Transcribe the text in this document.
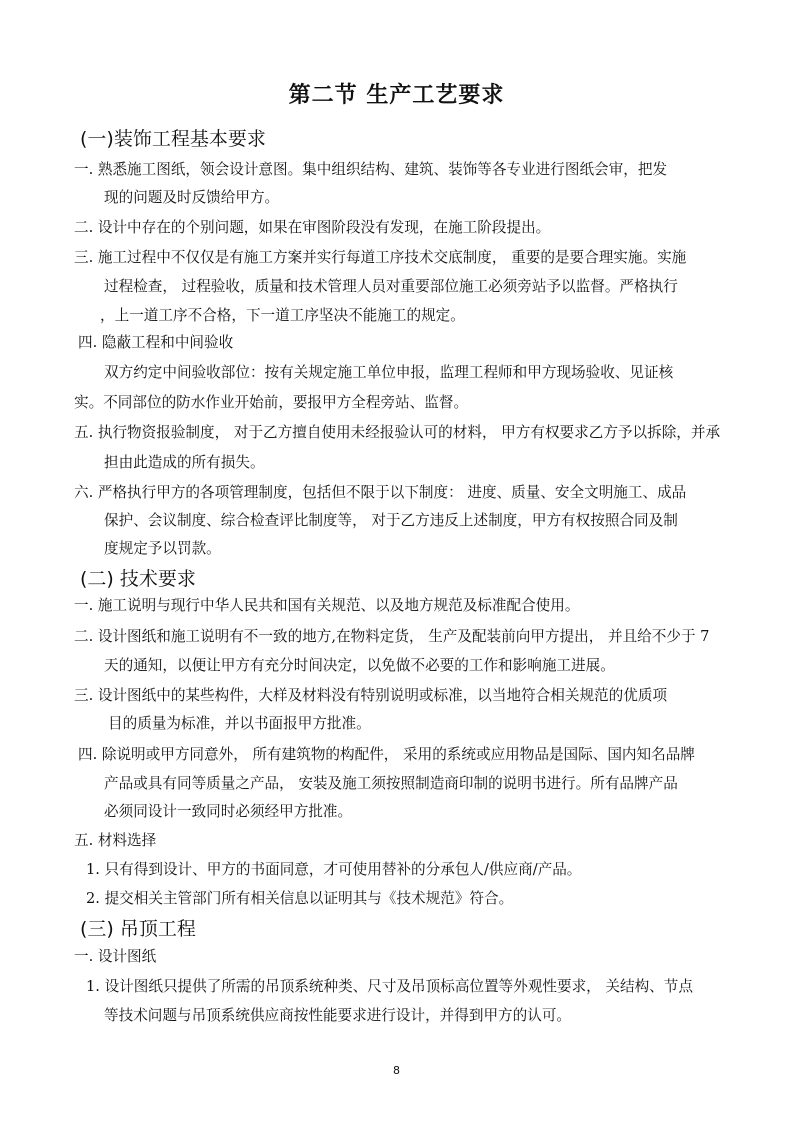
第二节 生产工艺要求
(一)装饰工程基本要求
一. 熟悉施工图纸，领会设计意图。集中组织结构、建筑、装饰等各专业进行图纸会审，把发
现的问题及时反馈给甲方。
二. 设计中存在的个别问题，如果在审图阶段没有发现，在施工阶段提出。
三. 施工过程中不仅仅是有施工方案并实行每道工序技术交底制度， 重要的是要合理实施。实施
过程检查， 过程验收，质量和技术管理人员对重要部位施工必须旁站予以监督。严格执行
，上一道工序不合格，下一道工序坚决不能施工的规定。
四. 隐蔽工程和中间验收
双方约定中间验收部位：按有关规定施工单位申报，监理工程师和甲方现场验收、见证核
实。不同部位的防水作业开始前，要报甲方全程旁站、监督。
五. 执行物资报验制度， 对于乙方擅自使用未经报验认可的材料， 甲方有权要求乙方予以拆除，并承
担由此造成的所有损失。
六. 严格执行甲方的各项管理制度，包括但不限于以下制度： 进度、质量、安全文明施工、成品
保护、会议制度、综合检查评比制度等， 对于乙方违反上述制度，甲方有权按照合同及制
度规定予以罚款。
(二) 技术要求
一. 施工说明与现行中华人民共和国有关规范、以及地方规范及标准配合使用。
二. 设计图纸和施工说明有不一致的地方,在物料定货， 生产及配装前向甲方提出， 并且给不少于 7
天的通知，以便让甲方有充分时间决定，以免做不必要的工作和影响施工进展。
三. 设计图纸中的某些构件，大样及材料没有特别说明或标准，以当地符合相关规范的优质项
目的质量为标准，并以书面报甲方批准。
四. 除说明或甲方同意外， 所有建筑物的构配件， 采用的系统或应用物品是国际、国内知名品牌
产品或具有同等质量之产品， 安装及施工须按照制造商印制的说明书进行。所有品牌产品
必须同设计一致同时必须经甲方批准。
五. 材料选择
1. 只有得到设计、甲方的书面同意，才可使用替补的分承包人/供应商/产品。
2. 提交相关主管部门所有相关信息以证明其与《技术规范》符合。
(三) 吊顶工程
一. 设计图纸
1. 设计图纸只提供了所需的吊顶系统种类、尺寸及吊顶标高位置等外观性要求， 关结构、节点
等技术问题与吊顶系统供应商按性能要求进行设计，并得到甲方的认可。
8
